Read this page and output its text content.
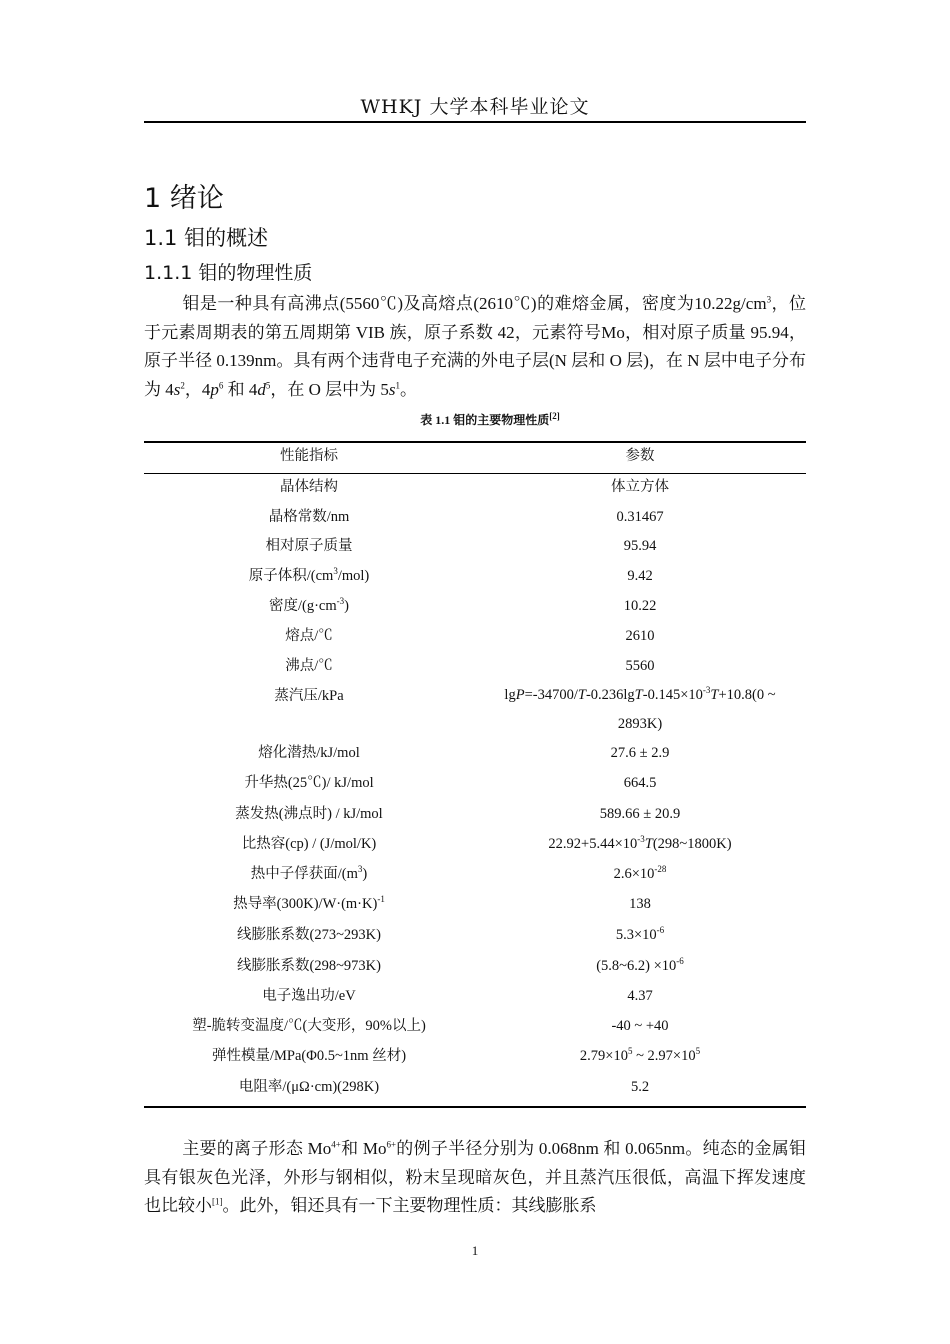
WHKJ 大学本科毕业论文
1 绪论
1.1 钼的概述
1.1.1 钼的物理性质
钼是一种具有高沸点(5560℃)及高熔点(2610℃)的难熔金属，密度为$10.22g/cm^3$，位于元素周期表的第五周期第 VIB 族，原子系数 42，元素符号Mo，相对原子质量 95.94，原子半径 0.139nm。具有两个违背电子充满的外电子层(N 层和 O 层)，在 N 层中电子分布为 $4s^2$，$4p^6$ 和 $4d^5$，在 O 层中为 $5s^1$。
表 1.1 钼的主要物理性质[2]
性能指标	参数
晶体结构	体立方体
晶格常数/nm	0.31467
相对原子质量	95.94
原子体积$/(cm^3/mol)$	9.42
密度$/(g\cdot cm^{-3})$	10.22
熔点/℃	2610
沸点/℃	5560
蒸汽压/kPa	$\lg P=-34700/T-0.236\lg T-0.145\times 10^{-3}T+10.8(0$ ~
2893K)
熔化潜热/kJ/mol	27.6 ± 2.9
升华热(25℃)/ kJ/mol	664.5
蒸发热(沸点时) / kJ/mol	589.66 ± 20.9
比热容(cp) / (J/mol/K)	$22.92+5.44\times 10^{-3}T(298\sim 1800K)$
热中子俘获面$/(m^3)$	$2.6\times 10^{-28}$
热导率$(300K)/W\cdot(m\cdot K)^{-1}$	138
线膨胀系数(273~293K)	$5.3\times 10^{-6}$
线膨胀系数(298~973K)	(5.8~6.2) $\times 10^{-6}$
电子逸出功/eV	4.37
塑-脆转变温度/℃(大变形，90%以上)	-40 ~ +40
弹性模量/MPa(Φ0.5~1nm 丝材)	$2.79\times 10^5$ ~ $2.97\times 10^5$
电阻率/(μΩ·cm)(298K)	5.2
主要的离子形态 $Mo^{4+}$和 $Mo^{6+}$的例子半径分别为 0.068nm 和 0.065nm。纯态的金属钼具有银灰色光泽，外形与钢相似，粉末呈现暗灰色，并且蒸汽压很低，高温下挥发速度也比较小[1]。此外，钼还具有一下主要物理性质：其线膨胀系
1
